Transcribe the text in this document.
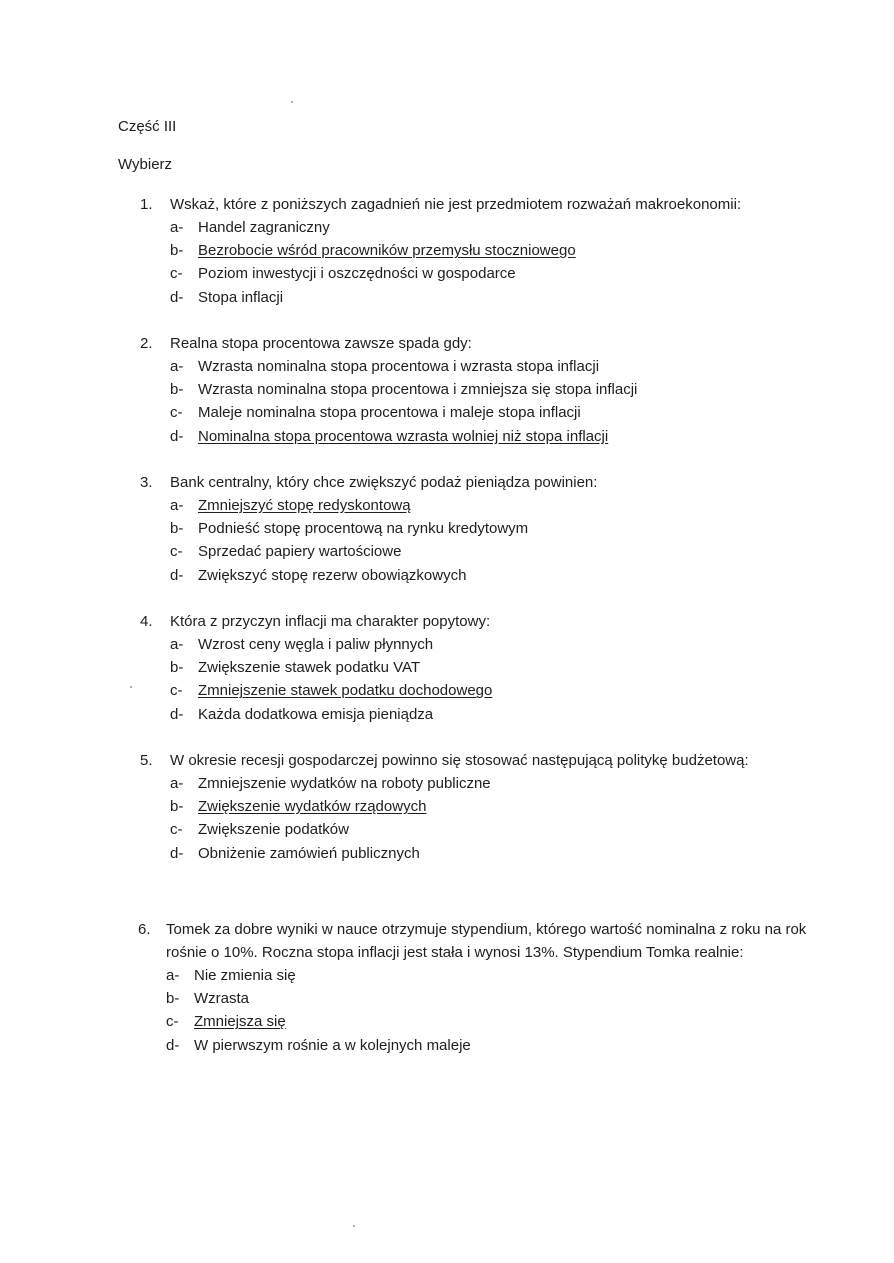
Część III
Wybierz
1.	Wskaż, które z poniższych zagadnień nie jest przedmiotem rozważań makroekonomii:
a- Handel zagraniczny
b- Bezrobocie wśród pracowników przemysłu stoczniowego
c-	Poziom inwestycji i oszczędności w gospodarce
d- Stopa inflacji
2.	Realna stopa procentowa zawsze spada gdy:
a- Wzrasta nominalna stopa procentowa i wzrasta stopa inflacji
b- Wzrasta nominalna stopa procentowa i zmniejsza się stopa inflacji
c-	Maleje nominalna stopa procentowa i maleje stopa inflacji
d- Nominalna stopa procentowa wzrasta wolniej niż stopa inflacji
3.	Bank centralny, który chce zwiększyć podaż pieniądza powinien:
a- Zmniejszyć stopę redyskontową
b- Podnieść stopę procentową na rynku kredytowym
c-	Sprzedać papiery wartościowe
d- Zwiększyć stopę rezerw obowiązkowych
4.	Która z przyczyn inflacji ma charakter popytowy:
a- Wzrost ceny węgla i paliw płynnych
b- Zwiększenie stawek podatku VAT
c-	Zmniejszenie stawek podatku dochodowego
d- Każda dodatkowa emisja pieniądza
5.	W okresie recesji gospodarczej powinno się stosować następującą politykę budżetową:
a- Zmniejszenie wydatków na roboty publiczne
b- Zwiększenie wydatków rządowych
c-	Zwiększenie podatków
d- Obniżenie zamówień publicznych
6.	Tomek za dobre wyniki w nauce otrzymuje stypendium, którego wartość nominalna z roku na rok rośnie o 10%. Roczna stopa inflacji jest stała i wynosi 13%. Stypendium Tomka realnie:
a- Nie zmienia się
b- Wzrasta
c-	Zmniejsza się
d- W pierwszym rośnie a w kolejnych maleje
